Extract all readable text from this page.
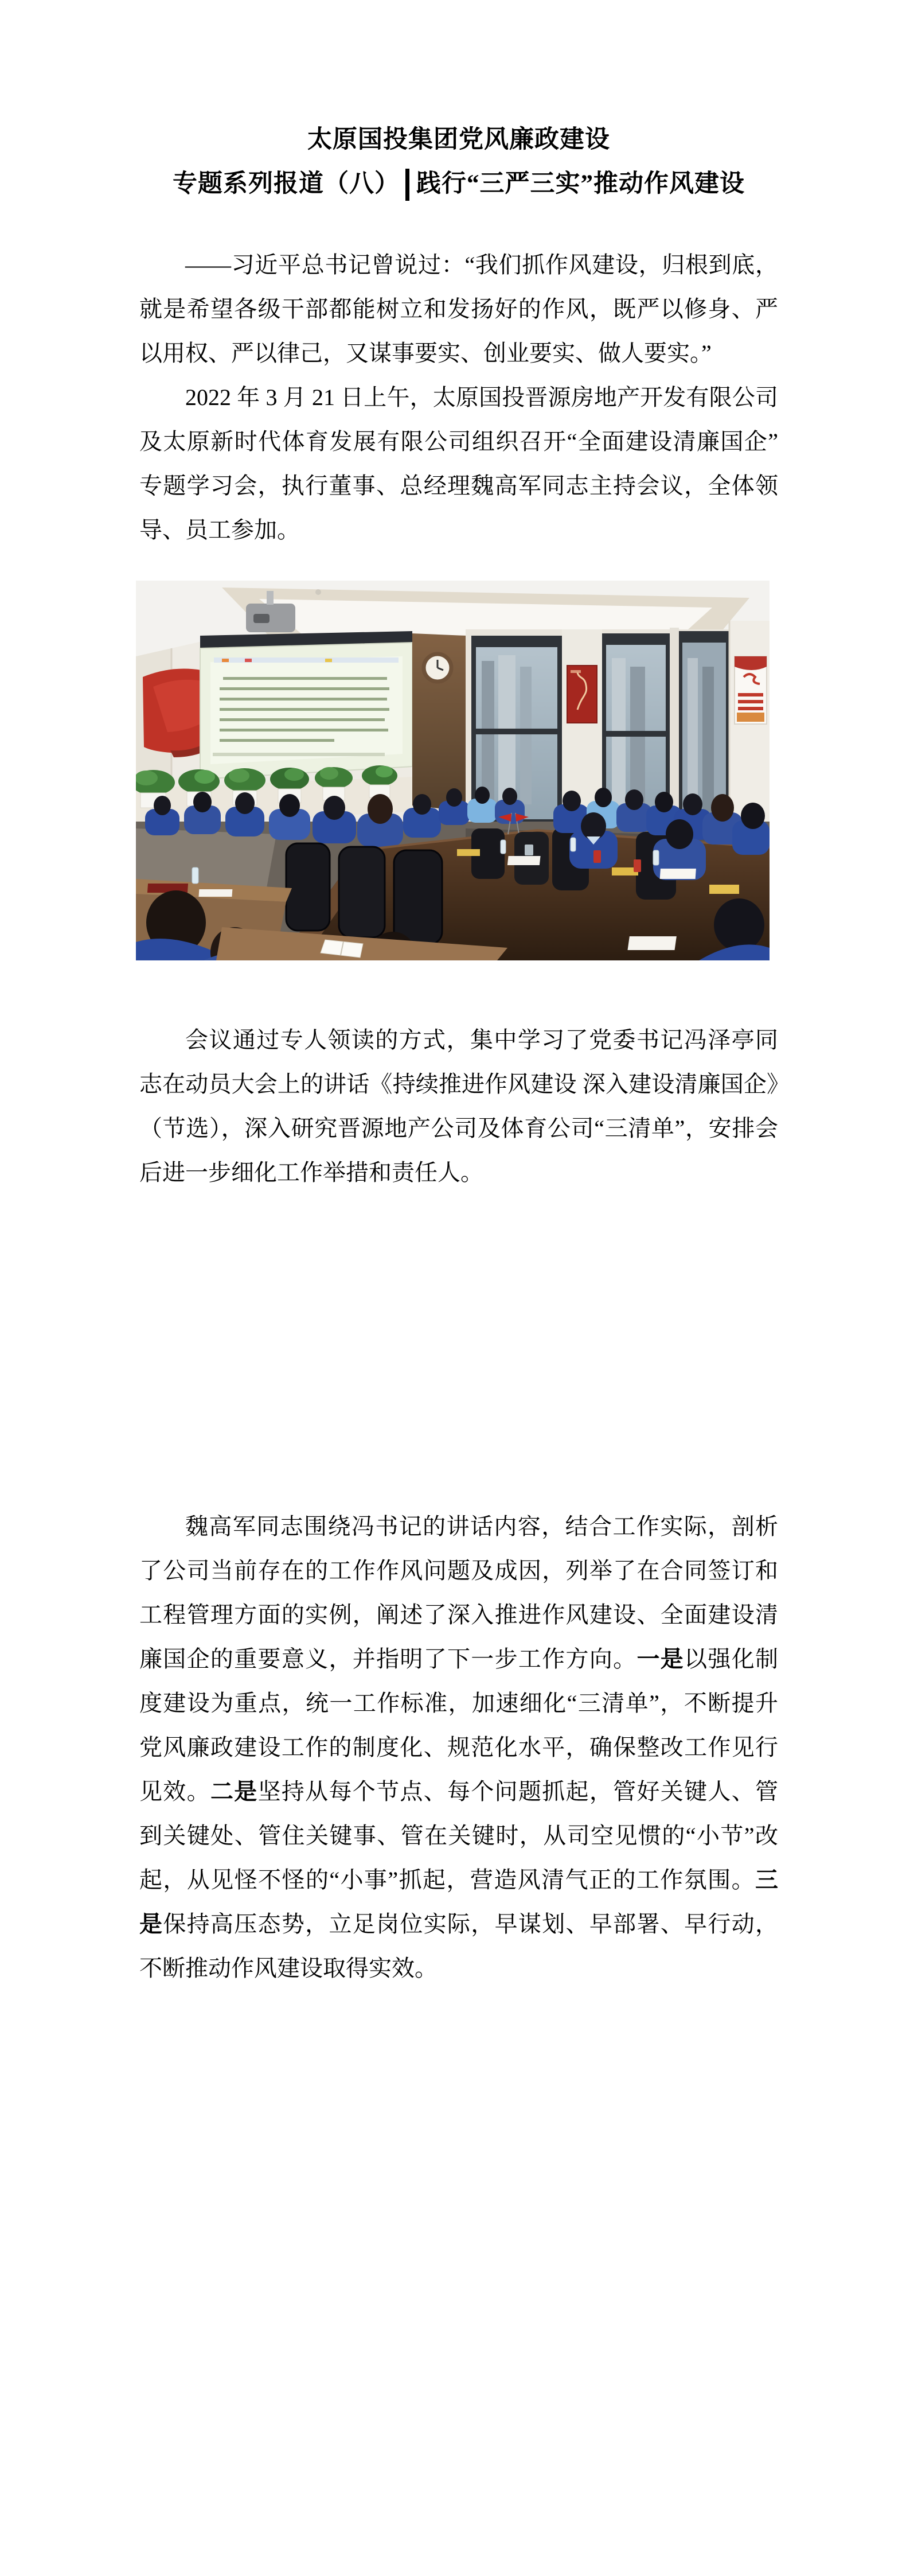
太原国投集团党风廉政建设
专题系列报道（八） 践行“三严三实”推动作风建设

——习近平总书记曾说过：“我们抓作风建设，归根到底，就是希望各级干部都能树立和发扬好的作风，既严以修身、严以用权、严以律己，又谋事要实、创业要实、做人要实。”

2022 年 3 月 21 日上午，太原国投晋源房地产开发有限公司及太原新时代体育发展有限公司组织召开“全面建设清廉国企”专题学习会，执行董事、总经理魏高军同志主持会议，全体领导、员工参加。

会议通过专人领读的方式，集中学习了党委书记冯泽亭同志在动员大会上的讲话《持续推进作风建设 深入建设清廉国企》（节选），深入研究晋源地产公司及体育公司“三清单”，安排会后进一步细化工作举措和责任人。

魏高军同志围绕冯书记的讲话内容，结合工作实际，剖析了公司当前存在的工作作风问题及成因，列举了在合同签订和工程管理方面的实例，阐述了深入推进作风建设、全面建设清廉国企的重要意义，并指明了下一步工作方向。一是以强化制度建设为重点，统一工作标准，加速细化“三清单”，不断提升党风廉政建设工作的制度化、规范化水平，确保整改工作见行见效。二是坚持从每个节点、每个问题抓起，管好关键人、管到关键处、管住关键事、管在关键时，从司空见惯的“小节”改起，从见怪不怪的“小事”抓起，营造风清气正的工作氛围。三是保持高压态势，立足岗位实际，早谋划、早部署、早行动，不断推动作风建设取得实效。
